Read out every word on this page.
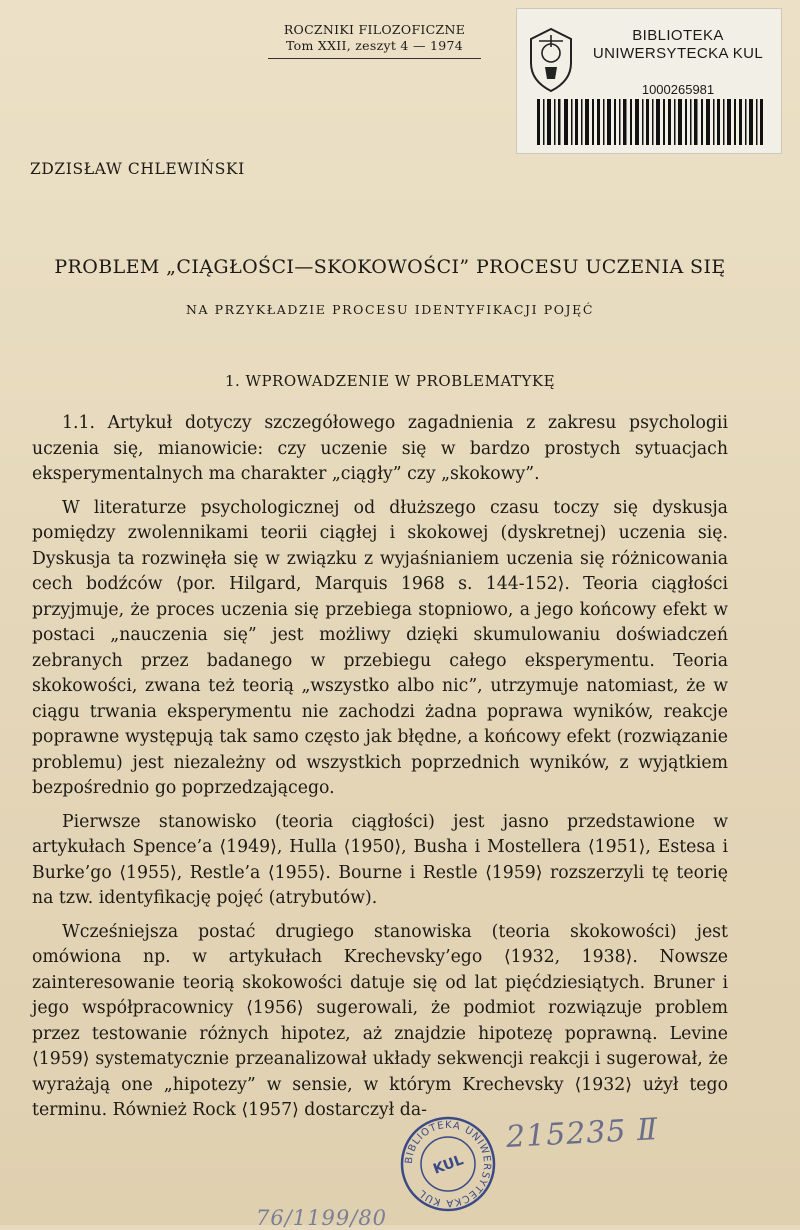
ROCZNIKI FILOZOFICZNE
Tom XXII, zeszyt 4 — 1974
BIBLIOTEKA UNIWERSYTECKA KUL
1000265981
ZDZISŁAW CHLEWIŃSKI
PROBLEM „CIĄGŁOŚCI—SKOKOWOŚCI” PROCESU UCZENIA SIĘ
NA PRZYKŁADZIE PROCESU IDENTYFIKACJI POJĘĆ
1. WPROWADZENIE W PROBLEMATYKĘ

1.1. Artykuł dotyczy szczegółowego zagadnienia z zakresu psychologii uczenia się, mianowicie: czy uczenie się w bardzo prostych sytuacjach eksperymentalnych ma charakter „ciągły” czy „skokowy”.

W literaturze psychologicznej od dłuższego czasu toczy się dyskusja pomiędzy zwolennikami teorii ciągłej i skokowej (dyskretnej) uczenia się. Dyskusja ta rozwinęła się w związku z wyjaśnianiem uczenia się różnicowania cech bodźców ⟨por. Hilgard, Marquis 1968 s. 144-152⟩. Teoria ciągłości przyjmuje, że proces uczenia się przebiega stopniowo, a jego końcowy efekt w postaci „nauczenia się” jest możliwy dzięki skumulowaniu doświadczeń zebranych przez badanego w przebiegu całego eksperymentu. Teoria skokowości, zwana też teorią „wszystko albo nic”, utrzymuje natomiast, że w ciągu trwania eksperymentu nie zachodzi żadna poprawa wyników, reakcje poprawne występują tak samo często jak błędne, a końcowy efekt (rozwiązanie problemu) jest niezależny od wszystkich poprzednich wyników, z wyjątkiem bezpośrednio go poprzedzającego.

Pierwsze stanowisko (teoria ciągłości) jest jasno przedstawione w artykułach Spence’a ⟨1949⟩, Hulla ⟨1950⟩, Busha i Mostellera ⟨1951⟩, Estesa i Burke’go ⟨1955⟩, Restle’a ⟨1955⟩. Bourne i Restle ⟨1959⟩ rozszerzyli tę teorię na tzw. identyfikację pojęć (atrybutów).

Wcześniejsza postać drugiego stanowiska (teoria skokowości) jest omówiona np. w artykułach Krechevsky’ego ⟨1932, 1938⟩. Nowsze zainteresowanie teorią skokowości datuje się od lat pięćdziesiątych. Bruner i jego współpracownicy ⟨1956⟩ sugerowali, że podmiot rozwiązuje problem przez testowanie różnych hipotez, aż znajdzie hipotezę poprawną. Levine ⟨1959⟩ systematycznie przeanalizował układy sekwencji reakcji i sugerował, że wyrażają one „hipotezy” w sensie, w którym Krechevsky ⟨1932⟩ użył tego terminu. Również Rock ⟨1957⟩ dostarczył da-

BIBLIOTEKA UNIWERSYTECKA KUL
KUL
215235 Ⅱ
76/1199/80
